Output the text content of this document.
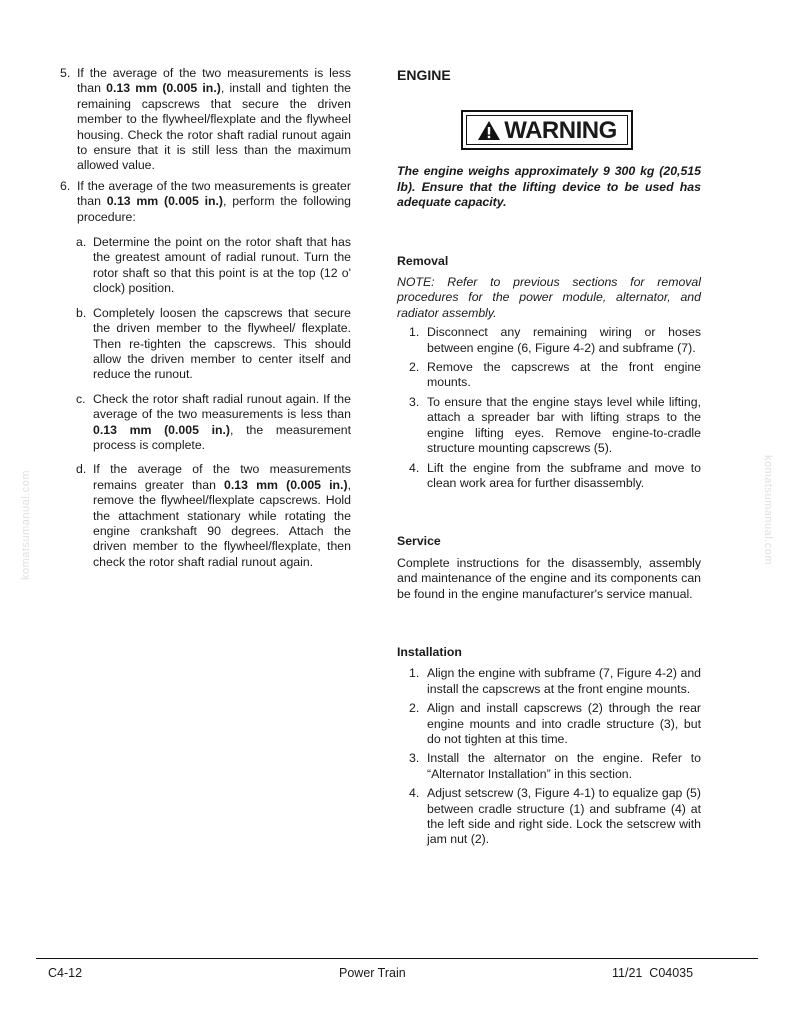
5. If the average of the two measurements is less than 0.13 mm (0.005 in.), install and tighten the remaining capscrews that secure the driven member to the flywheel/flexplate and the flywheel housing. Check the rotor shaft radial runout again to ensure that it is still less than the maximum allowed value.
6. If the average of the two measurements is greater than 0.13 mm (0.005 in.), perform the following procedure:
a. Determine the point on the rotor shaft that has the greatest amount of radial runout. Turn the rotor shaft so that this point is at the top (12 o' clock) position.
b. Completely loosen the capscrews that secure the driven member to the flywheel/ flexplate. Then re-tighten the capscrews. This should allow the driven member to center itself and reduce the runout.
c. Check the rotor shaft radial runout again. If the average of the two measurements is less than 0.13 mm (0.005 in.), the measurement process is complete.
d. If the average of the two measurements remains greater than 0.13 mm (0.005 in.), remove the flywheel/flexplate capscrews. Hold the attachment stationary while rotating the engine crankshaft 90 degrees. Attach the driven member to the flywheel/flexplate, then check the rotor shaft radial runout again.
ENGINE
WARNING
The engine weighs approximately 9 300 kg (20,515 lb). Ensure that the lifting device to be used has adequate capacity.
Removal
NOTE: Refer to previous sections for removal procedures for the power module, alternator, and radiator assembly.
1. Disconnect any remaining wiring or hoses between engine (6, Figure 4-2) and subframe (7).
2. Remove the capscrews at the front engine mounts.
3. To ensure that the engine stays level while lifting, attach a spreader bar with lifting straps to the engine lifting eyes. Remove engine-to-cradle structure mounting capscrews (5).
4. Lift the engine from the subframe and move to clean work area for further disassembly.
Service
Complete instructions for the disassembly, assembly and maintenance of the engine and its components can be found in the engine manufacturer's service manual.
Installation
1. Align the engine with subframe (7, Figure 4-2) and install the capscrews at the front engine mounts.
2. Align and install capscrews (2) through the rear engine mounts and into cradle structure (3), but do not tighten at this time.
3. Install the alternator on the engine. Refer to “Alternator Installation” in this section.
4. Adjust setscrew (3, Figure 4-1) to equalize gap (5) between cradle structure (1) and subframe (4) at the left side and right side. Lock the setscrew with jam nut (2).
komatsumanual.com	komatsumanual.com
C4-12	Power Train	11/21  C04035
